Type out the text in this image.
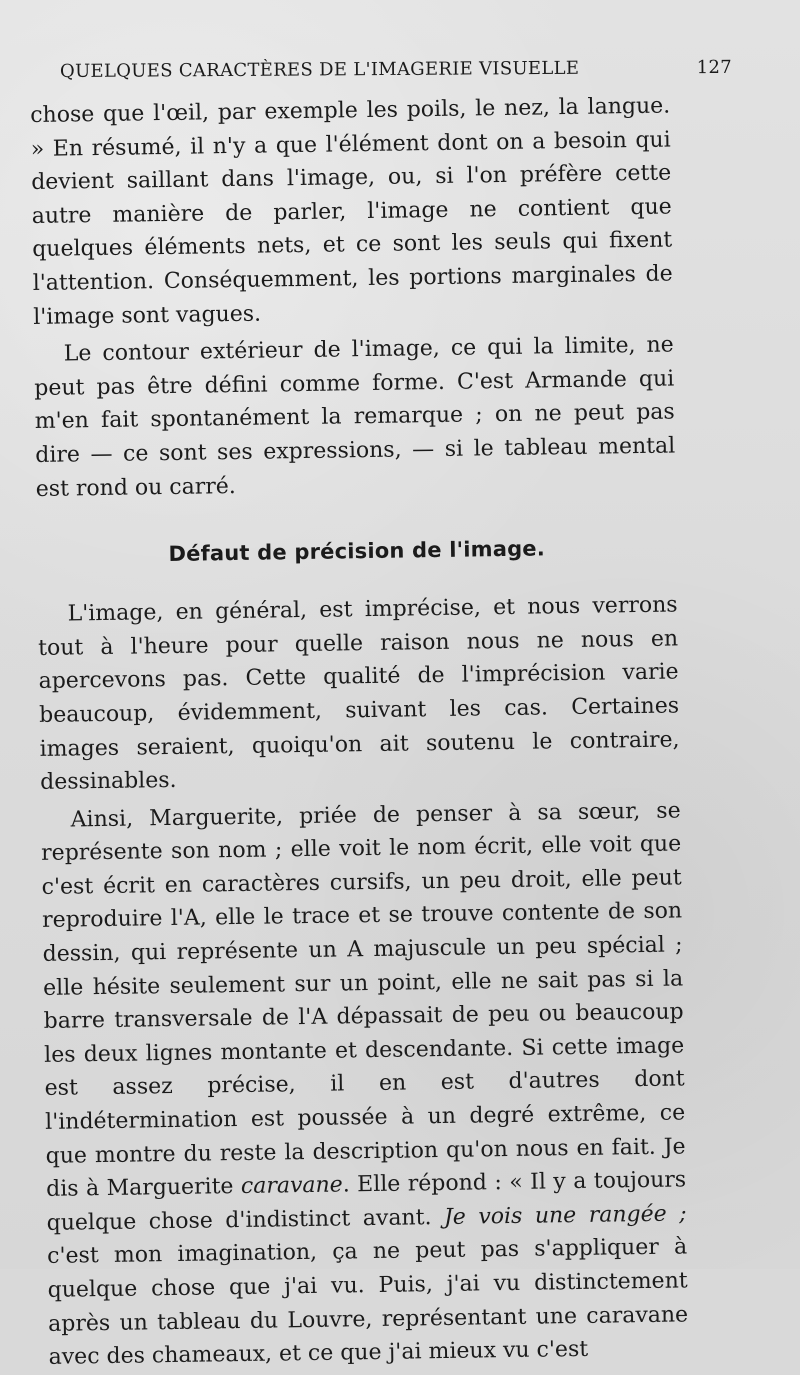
QUELQUES CARACTÈRES DE L'IMAGERIE VISUELLE	127

chose que l'œil, par exemple les poils, le nez, la langue. » En résumé, il n'y a que l'élément dont on a besoin qui devient saillant dans l'image, ou, si l'on préfère cette autre manière de parler, l'image ne contient que quelques éléments nets, et ce sont les seuls qui fixent l'attention. Conséquemment, les portions marginales de l'image sont vagues.

Le contour extérieur de l'image, ce qui la limite, ne peut pas être défini comme forme. C'est Armande qui m'en fait spontanément la remarque ; on ne peut pas dire — ce sont ses expressions, — si le tableau mental est rond ou carré.

Défaut de précision de l'image.

L'image, en général, est imprécise, et nous verrons tout à l'heure pour quelle raison nous ne nous en apercevons pas. Cette qualité de l'imprécision varie beaucoup, évidemment, suivant les cas. Certaines images seraient, quoiqu'on ait soutenu le contraire, dessinables.

Ainsi, Marguerite, priée de penser à sa sœur, se représente son nom ; elle voit le nom écrit, elle voit que c'est écrit en caractères cursifs, un peu droit, elle peut reproduire l'A, elle le trace et se trouve contente de son dessin, qui représente un A majuscule un peu spécial ; elle hésite seulement sur un point, elle ne sait pas si la barre transversale de l'A dépassait de peu ou beaucoup les deux lignes montante et descendante. Si cette image est assez précise, il en est d'autres dont l'indétermination est poussée à un degré extrême, ce que montre du reste la description qu'on nous en fait. Je dis à Marguerite caravane. Elle répond : « Il y a toujours quelque chose d'indistinct avant. Je vois une rangée ; c'est mon imagination, ça ne peut pas s'appliquer à quelque chose que j'ai vu. Puis, j'ai vu distinctement après un tableau du Louvre, représentant une caravane avec des chameaux, et ce que j'ai mieux vu c'est
